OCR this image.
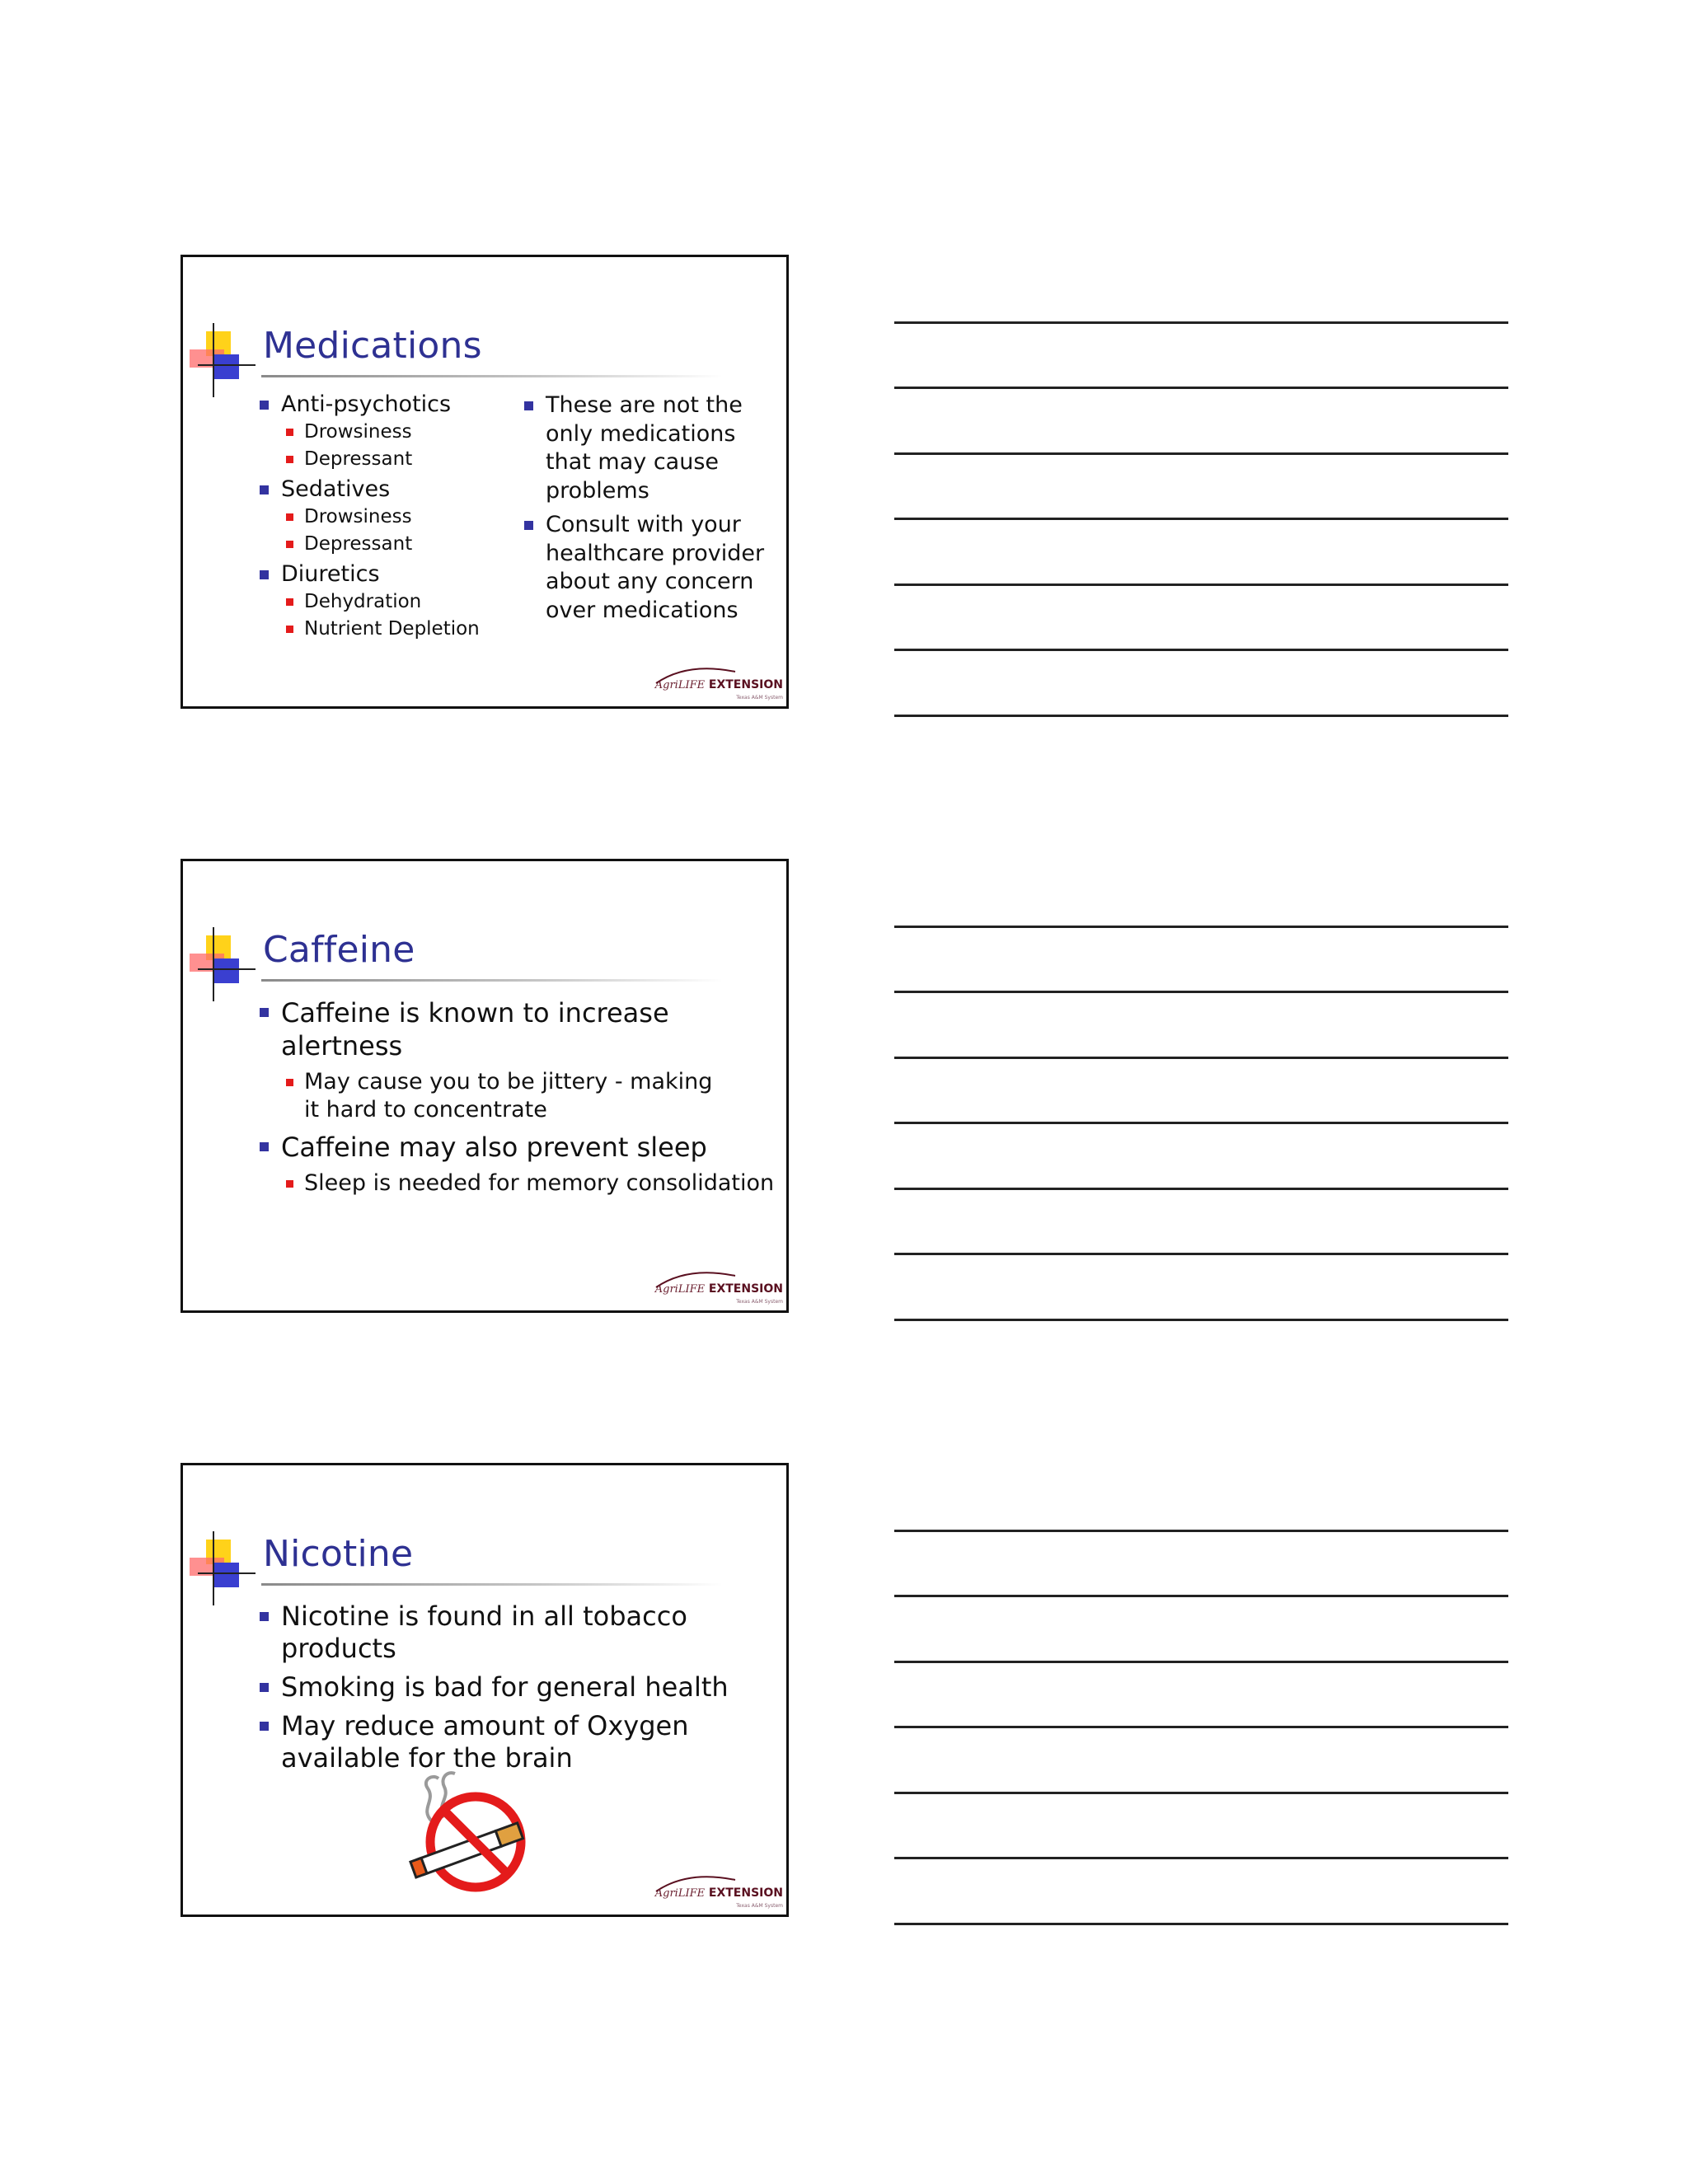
Medications
Anti-psychotics
Drowsiness
Depressant
Sedatives
Drowsiness
Depressant
Diuretics
Dehydration
Nutrient Depletion
These are not the only medications that may cause problems
Consult with your healthcare provider about any concern over medications
AgriLIFE EXTENSION
Texas A&M System
Caffeine
Caffeine is known to increase alertness
May cause you to be jittery - making it hard to concentrate
Caffeine may also prevent sleep
Sleep is needed for memory consolidation
AgriLIFE EXTENSION
Texas A&M System
Nicotine
Nicotine is found in all tobacco products
Smoking is bad for general health
May reduce amount of Oxygen available for the brain
AgriLIFE EXTENSION
Texas A&M System
